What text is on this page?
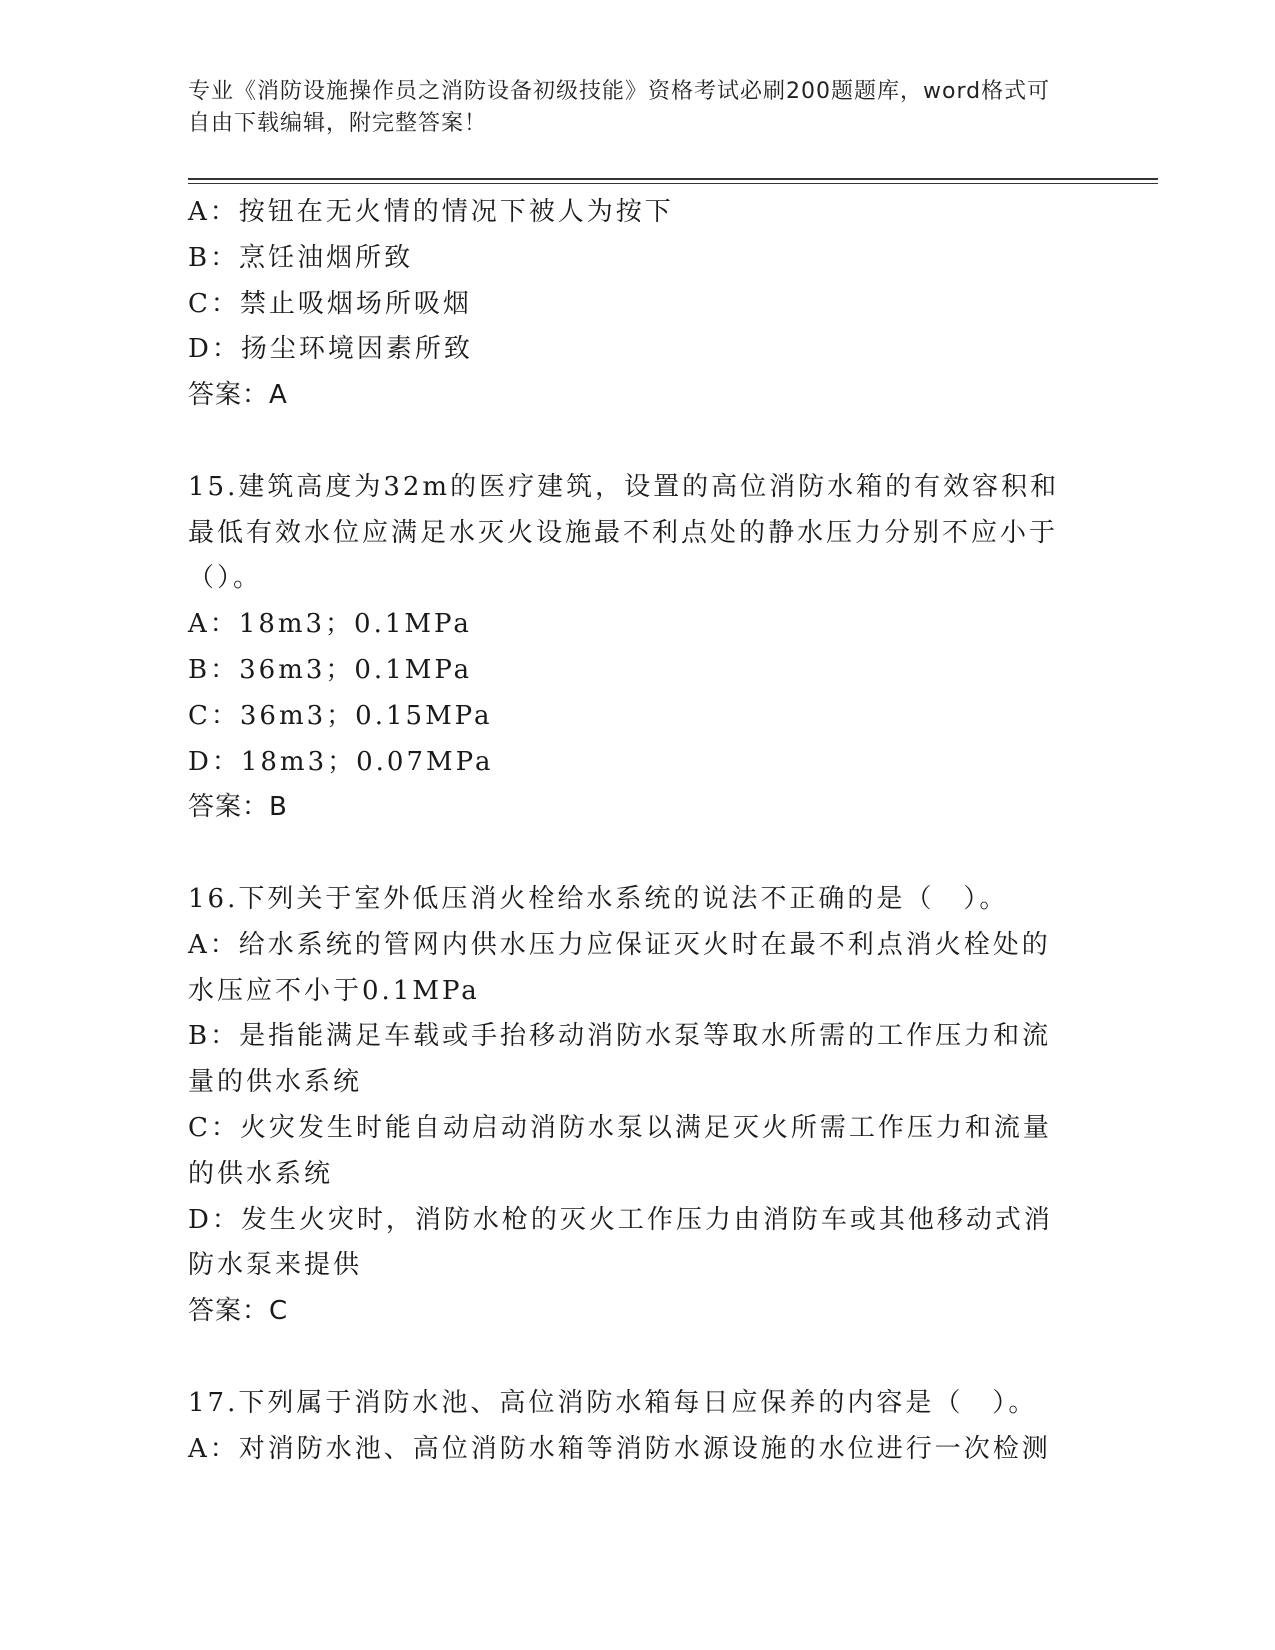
专业《消防设施操作员之消防设备初级技能》资格考试必刷200题题库，word格式可自由下载编辑，附完整答案！
A：按钮在无火情的情况下被人为按下
B：烹饪油烟所致
C：禁止吸烟场所吸烟
D：扬尘环境因素所致
答案：A
15.建筑高度为32m的医疗建筑，设置的高位消防水箱的有效容积和最低有效水位应满足水灭火设施最不利点处的静水压力分别不应小于（）。
A：18m3；0.1MPa
B：36m3；0.1MPa
C：36m3；0.15MPa
D：18m3；0.07MPa
答案：B
16.下列关于室外低压消火栓给水系统的说法不正确的是（　）。
A：给水系统的管网内供水压力应保证灭火时在最不利点消火栓处的水压应不小于0.1MPa
B：是指能满足车载或手抬移动消防水泵等取水所需的工作压力和流量的供水系统
C：火灾发生时能自动启动消防水泵以满足灭火所需工作压力和流量的供水系统
D：发生火灾时，消防水枪的灭火工作压力由消防车或其他移动式消防水泵来提供
答案：C
17.下列属于消防水池、高位消防水箱每日应保养的内容是（　）。
A：对消防水池、高位消防水箱等消防水源设施的水位进行一次检测
